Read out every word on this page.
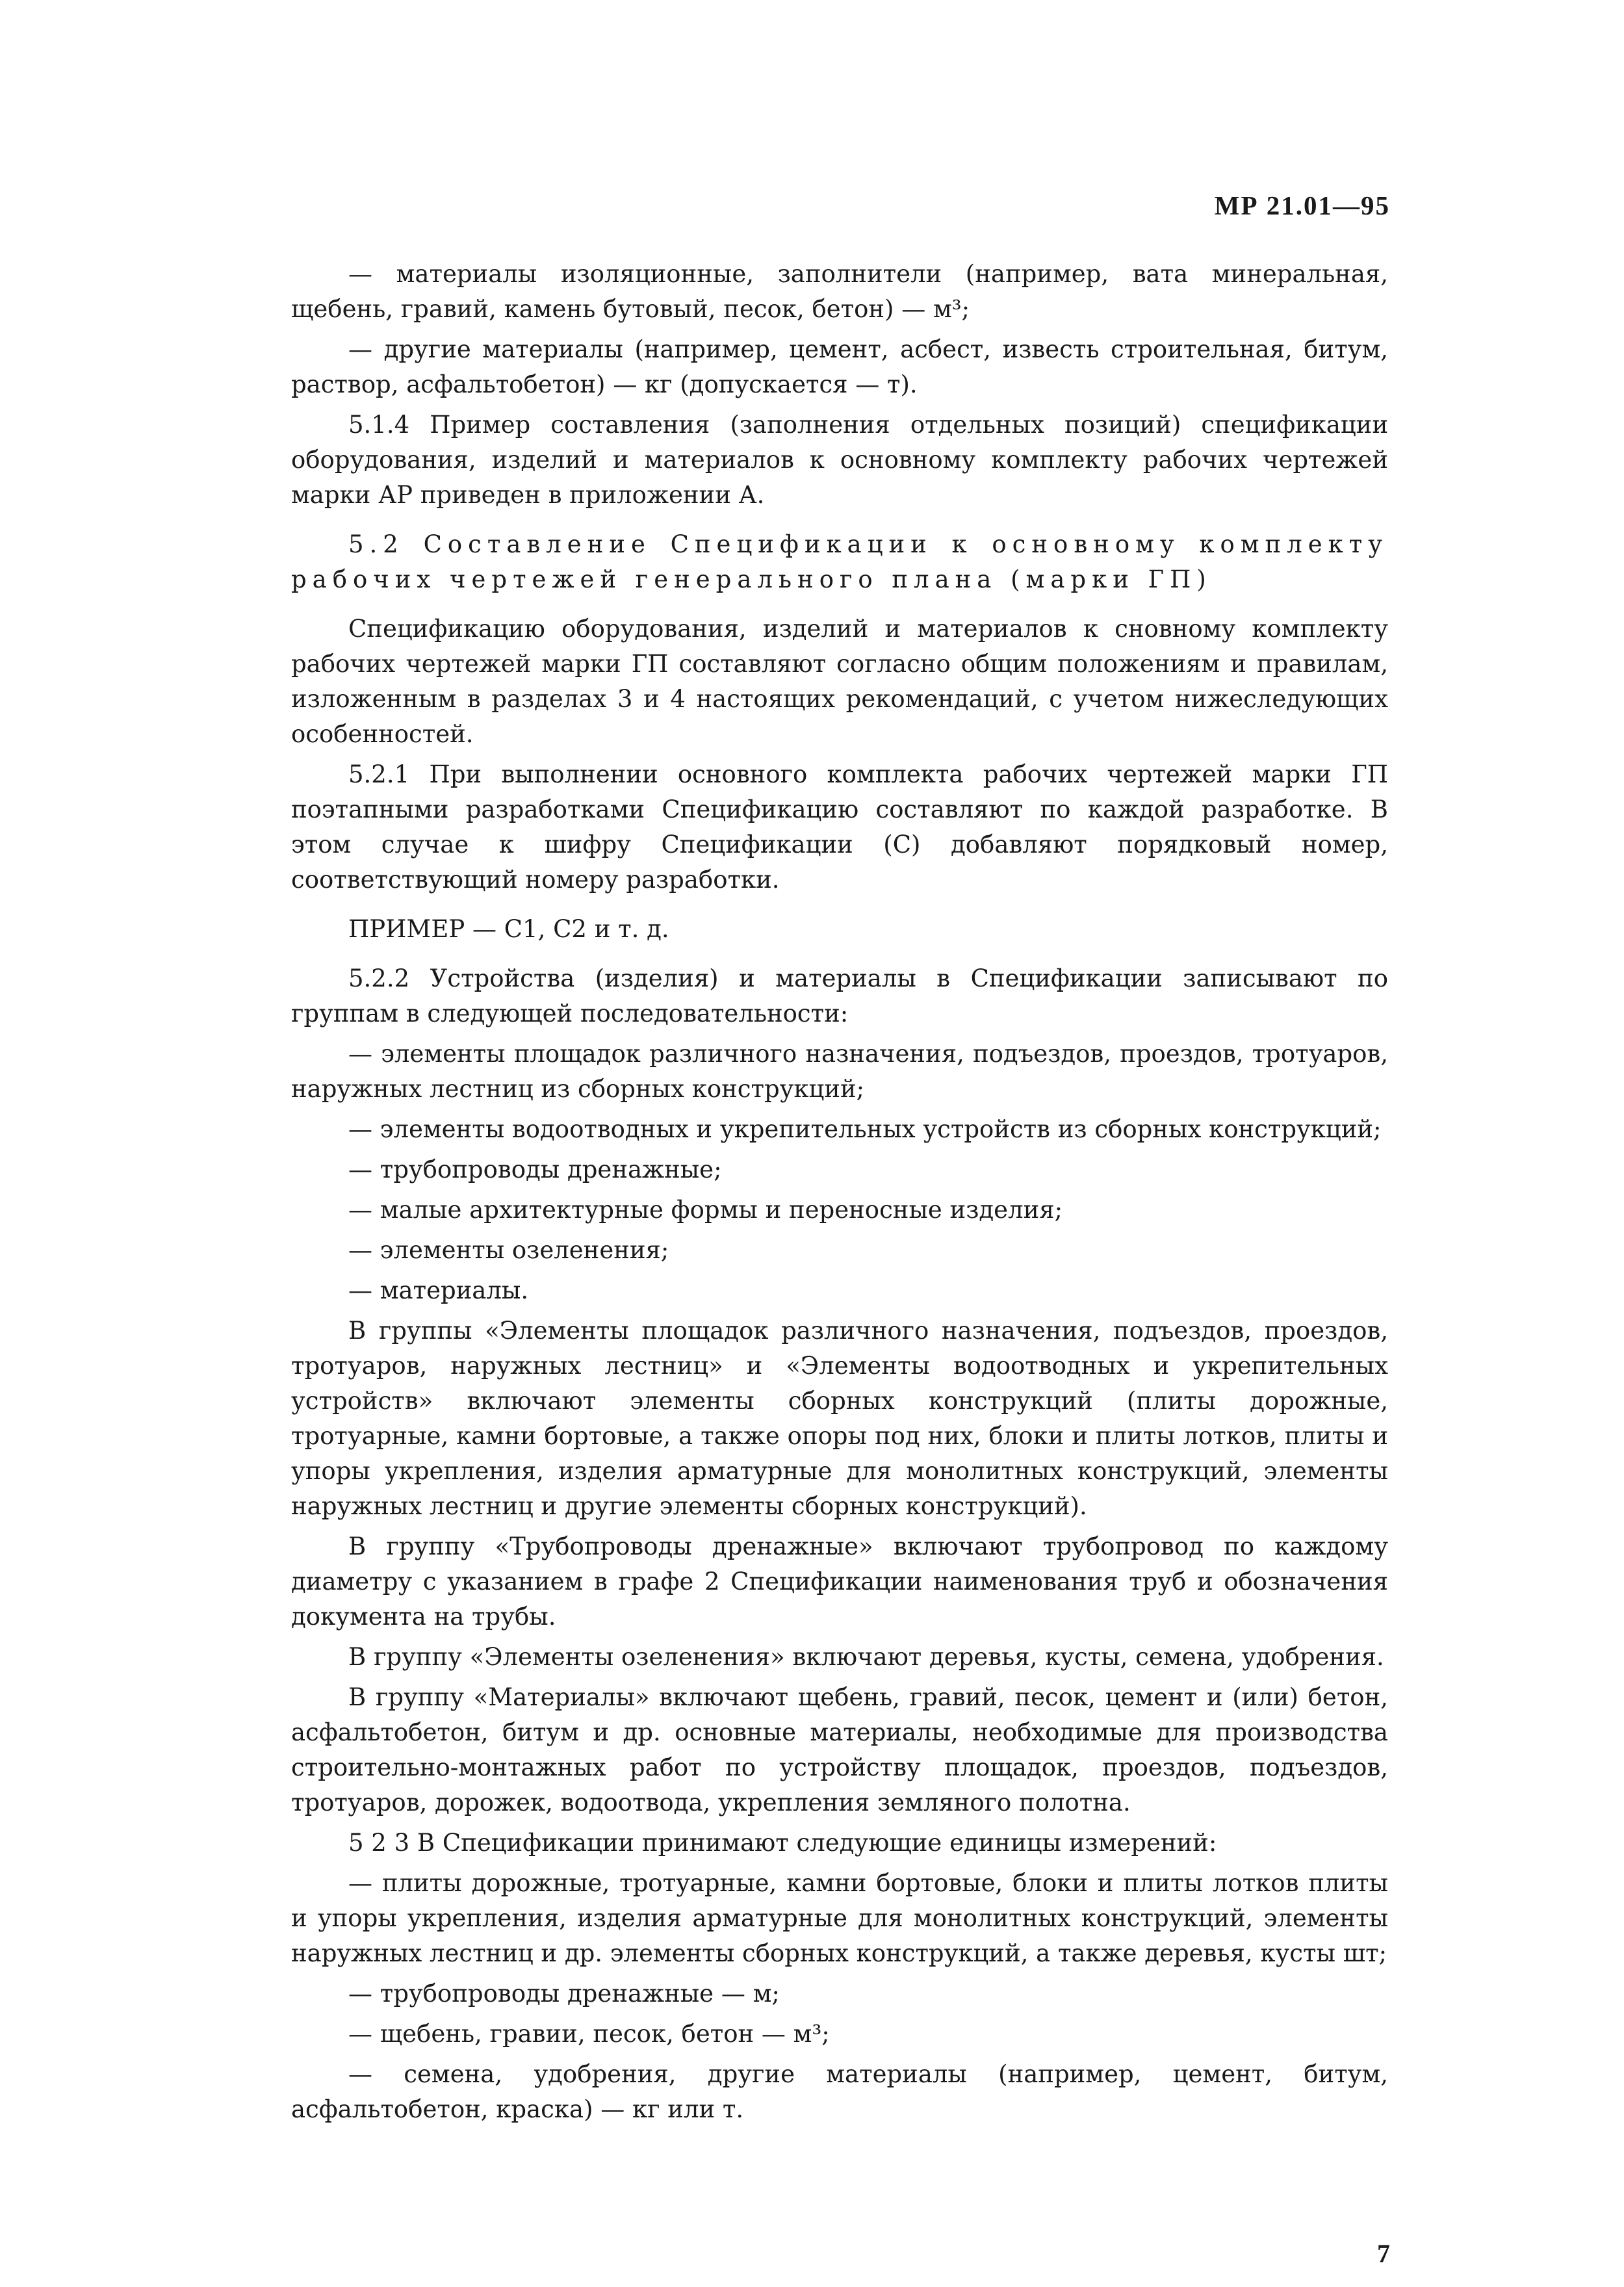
МР 21.01—95

— материалы изоляционные, заполнители (например, вата минеральная, щебень, гравий, камень бутовый, песок, бетон) — м³;

— другие материалы (например, цемент, асбест, известь строительная, битум, раствор, асфальтобетон) — кг (допускается — т).

5.1.4 Пример составления (заполнения отдельных позиций) спецификации оборудования, изделий и материалов к основному комплекту рабочих чертежей марки АР приведен в приложении А.

5.2 Составление Спецификации к основному комплекту рабочих чертежей генерального плана (марки ГП)

Спецификацию оборудования, изделий и материалов к сновному комплекту рабочих чертежей марки ГП составляют согласно общим положениям и правилам, изложенным в разделах 3 и 4 настоящих рекомендаций, с учетом нижеследующих особенностей.

5.2.1 При выполнении основного комплекта рабочих чертежей марки ГП поэтапными разработками Спецификацию составляют по каждой разработке. В этом случае к шифру Спецификации (С) добавляют порядковый номер, соответствующий номеру разработки.

ПРИМЕР — С1, С2 и т. д.

5.2.2 Устройства (изделия) и материалы в Спецификации записывают по группам в следующей последовательности:

— элементы площадок различного назначения, подъездов, проездов, тротуаров, наружных лестниц из сборных конструкций;

— элементы водоотводных и укрепительных устройств из сборных конструкций;

— трубопроводы дренажные;

— малые архитектурные формы и переносные изделия;

— элементы озеленения;

— материалы.

В группы «Элементы площадок различного назначения, подъездов, проездов, тротуаров, наружных лестниц» и «Элементы водоотводных и укрепительных устройств» включают элементы сборных конструкций (плиты дорожные, тротуарные, камни бортовые, а также опоры под них, блоки и плиты лотков, плиты и упоры укрепления, изделия арматурные для монолитных конструкций, элементы наружных лестниц и другие элементы сборных конструкций).

В группу «Трубопроводы дренажные» включают трубопровод по каждому диаметру с указанием в графе 2 Спецификации наименования труб и обозначения документа на трубы.

В группу «Элементы озеленения» включают деревья, кусты, семена, удобрения.

В группу «Материалы» включают щебень, гравий, песок, цемент и (или) бетон, асфальтобетон, битум и др. основные материалы, необходимые для производства строительно-монтажных работ по устройству площадок, проездов, подъездов, тротуаров, дорожек, водоотвода, укрепления земляного полотна.

5 2 3 В Спецификации принимают следующие единицы измерений:

— плиты дорожные, тротуарные, камни бортовые, блоки и плиты лотков плиты и упоры укрепления, изделия арматурные для монолитных конструкций, элементы наружных лестниц и др. элементы сборных конструкций, а также деревья, кусты шт;

— трубопроводы дренажные — м;

— щебень, гравии, песок, бетон — м³;

— семена, удобрения, другие материалы (например, цемент, битум, асфальтобетон, краска) — кг или т.

7
